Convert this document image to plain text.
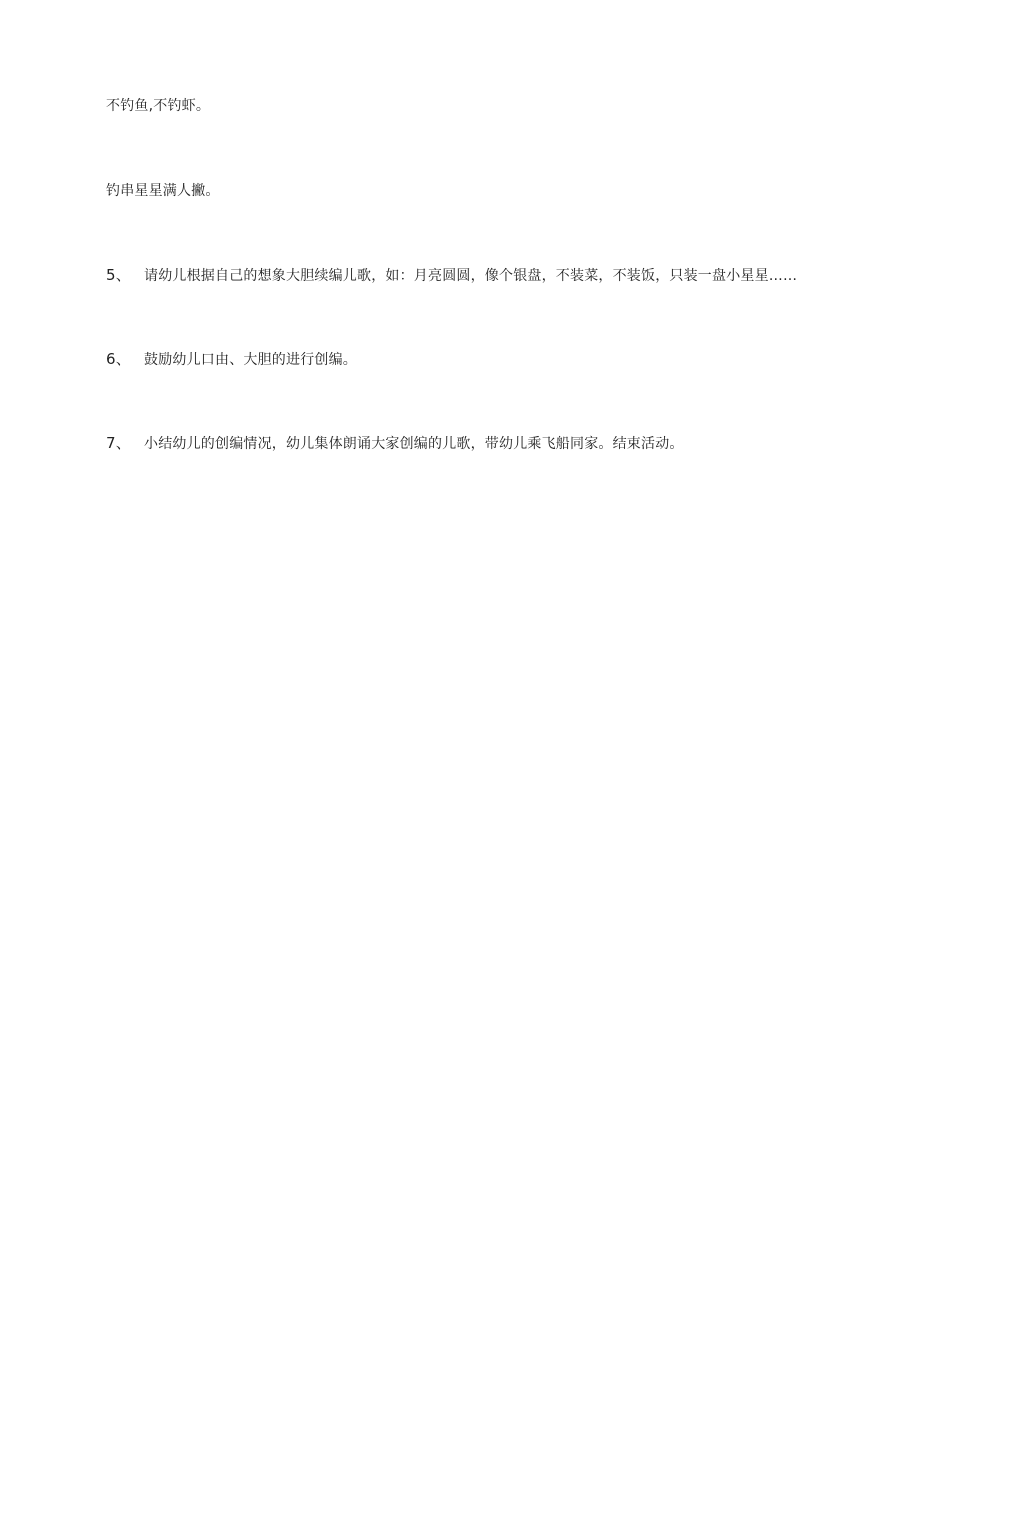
不钓鱼,不钓虾。
钓串星星满人撇。
5、 请幼儿根据自己的想象大胆续编儿歌，如：月亮圆圆，像个银盘，不装菜，不装饭，只装一盘小星星……
6、 鼓励幼儿口由、大胆的进行创编。
7、 小结幼儿的创编情况，幼儿集体朗诵大家创编的儿歌，带幼儿乘飞船同家。结束活动。
